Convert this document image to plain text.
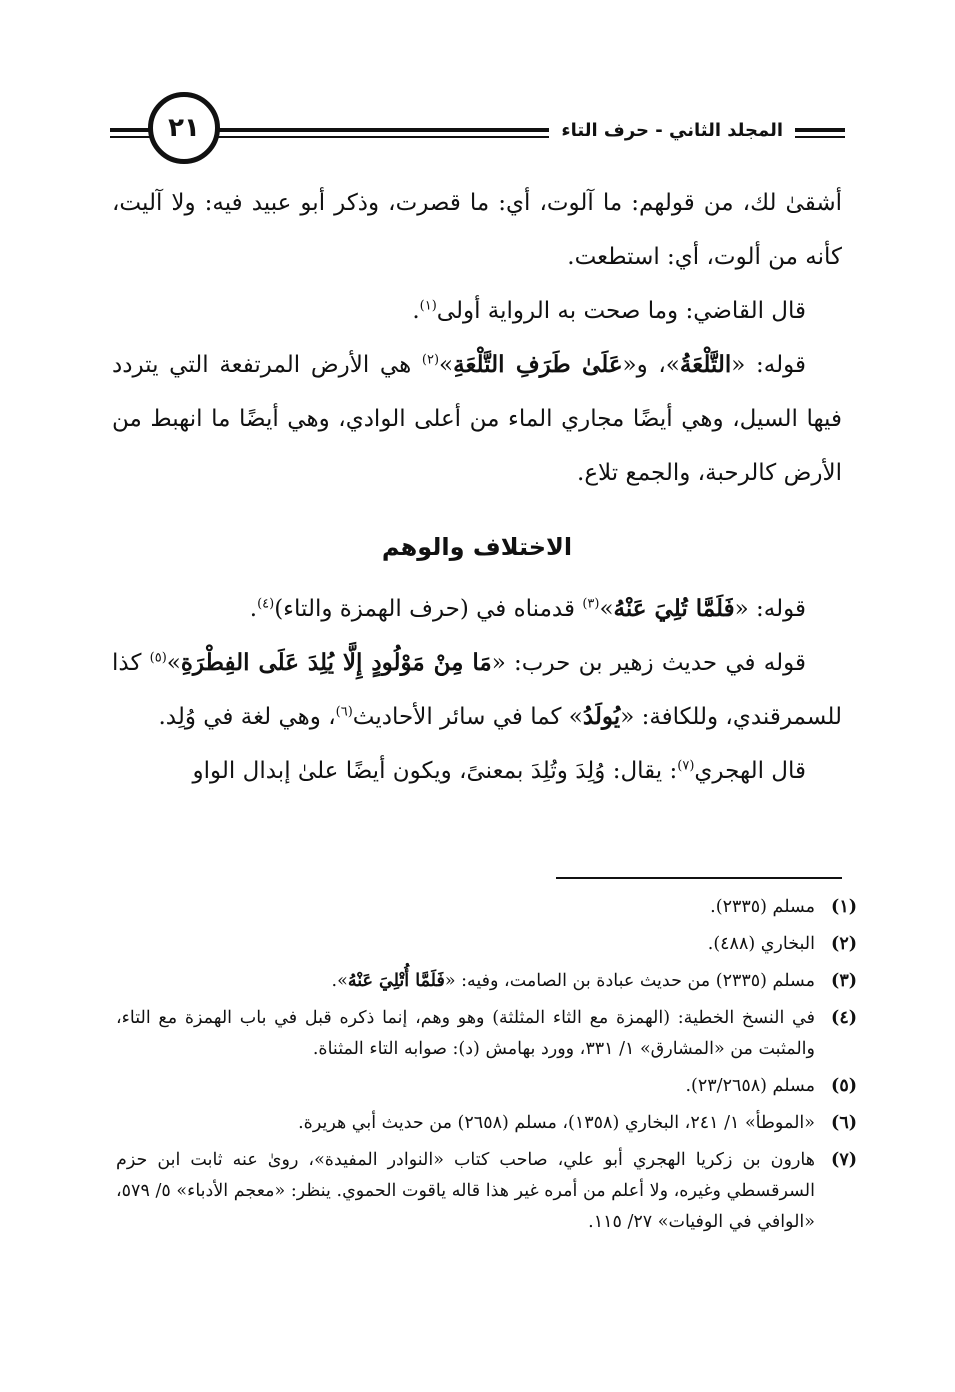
٢١	المجلد الثاني - حرف التاء

أشقىٰ لك، من قولهم: ما آلوت، أي: ما قصرت، وذكر أبو عبيد فيه: ولا آليت، كأنه من ألوت، أي: استطعت.

قال القاضي: وما صحت به الرواية أولى$^{(١)}$.

قوله: «التَّلْعَةُ»، و«عَلَىٰ طَرَفِ التَّلْعَةِ»$^{(٢)}$ هي الأرض المرتفعة التي يتردد فيها السيل، وهي أيضًا مجاري الماء من أعلى الوادي، وهي أيضًا ما انهبط من الأرض كالرحبة، والجمع تلاع.

الاختلاف والوهم

قوله: «فَلَمَّا تُلِيَ عَنْهُ»$^{(٣)}$ قدمناه في (حرف الهمزة والتاء)$^{(٤)}$.

قوله في حديث زهير بن حرب: «مَا مِنْ مَوْلُودٍ إِلَّا يُلِدَ عَلَى الفِطْرَةِ»$^{(٥)}$ كذا للسمرقندي، وللكافة: «يُولَدُ» كما في سائر الأحاديث$^{(٦)}$، وهي لغة في وُلِد.

قال الهجري$^{(٧)}$: يقال: وُلِدَ وتُلِدَ بمعنىً، ويكون أيضًا علىٰ إبدال الواو

(١)
مسلم (٢٣٣٥).
(٢)
البخاري (٤٨٨).
(٣)
مسلم (٢٣٣٥) من حديث عبادة بن الصامت، وفيه: «فَلَمَّا أُتْلِيَ عَنْهُ».
(٤)
في النسخ الخطية: (الهمزة مع الثاء المثلثة) وهو وهم، إنما ذكره قبل في باب الهمزة مع التاء، والمثبت من «المشارق» ١/ ٣٣١، وورد بهامش (د): صوابه التاء المثناة.
(٥)
مسلم (٢٣/٢٦٥٨).
(٦)
«الموطأ» ١/ ٢٤١، البخاري (١٣٥٨)، مسلم (٢٦٥٨) من حديث أبي هريرة.
(٧)
هارون بن زكريا الهجري أبو علي، صاحب كتاب «النوادر المفيدة»، روىٰ عنه ثابت ابن حزم السرقسطي وغيره، ولا أعلم من أمره غير هذا قاله ياقوت الحموي. ينظر: «معجم الأدباء» ٥/ ٥٧٩، «الوافي في الوفيات» ٢٧/ ١١٥.
